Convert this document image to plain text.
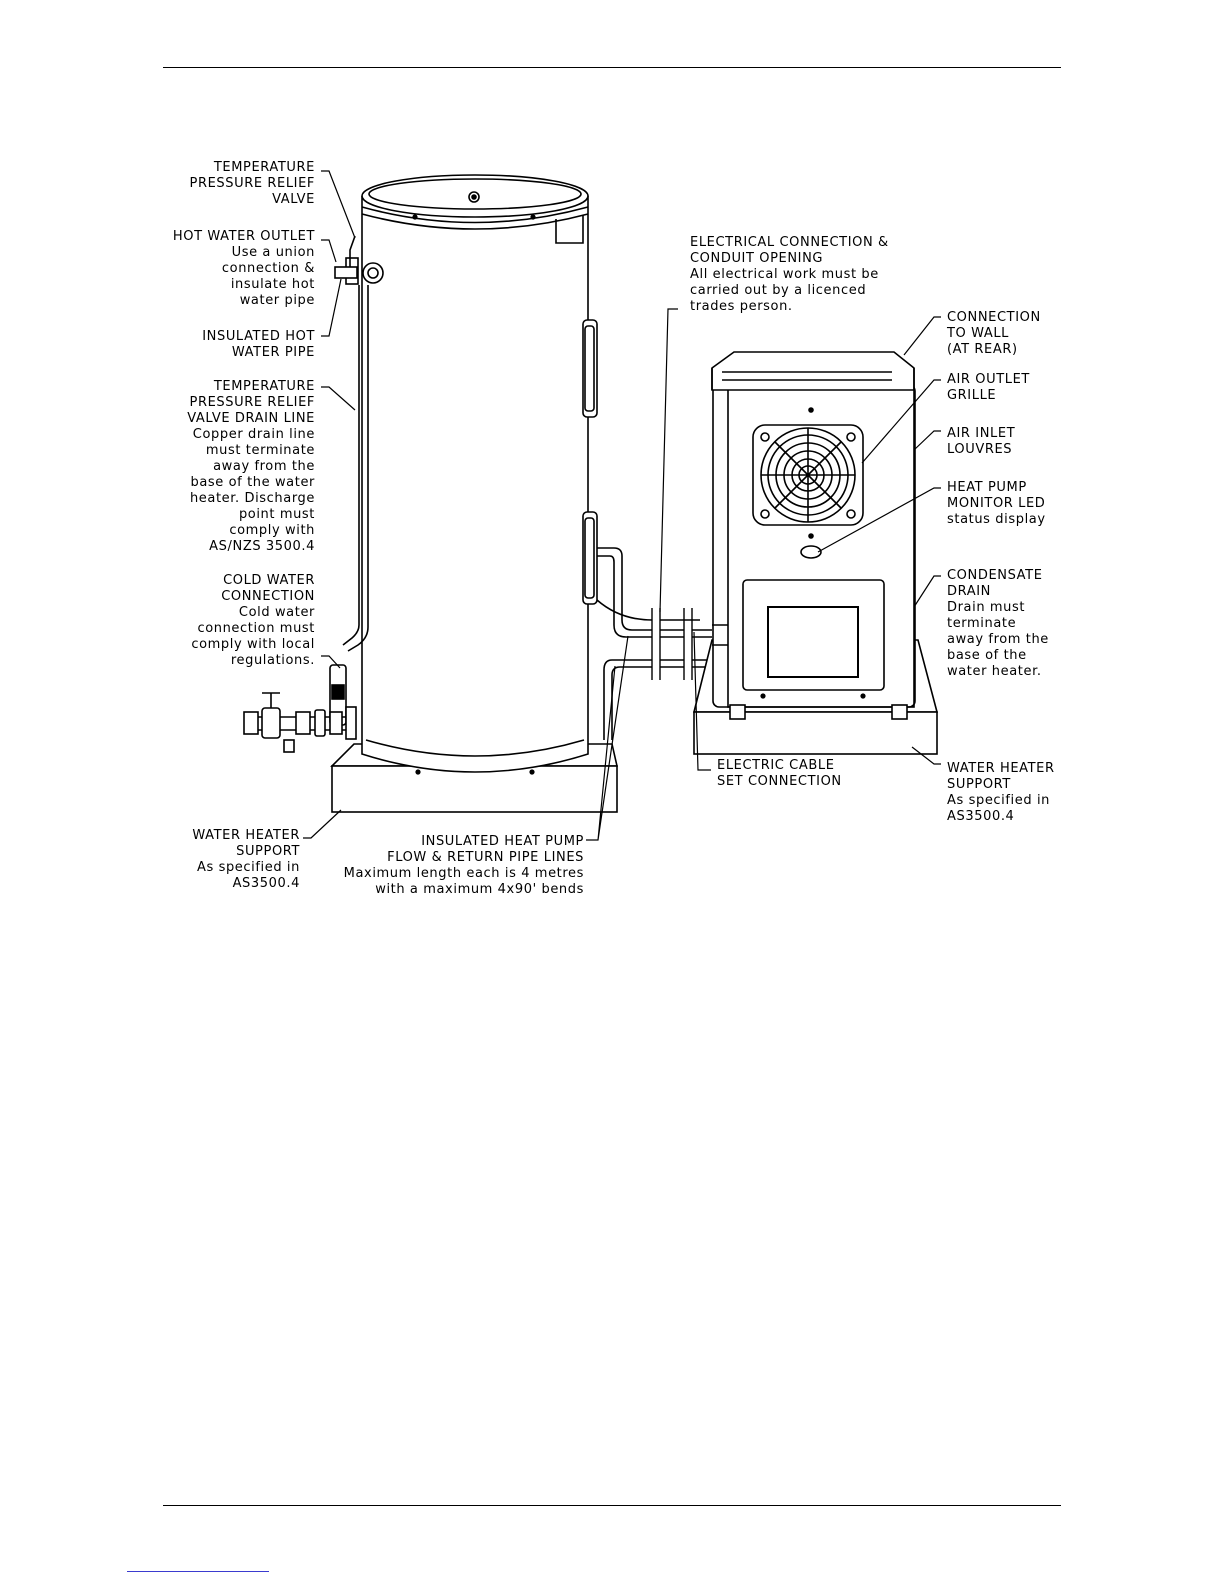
TEMPERATURE
PRESSURE RELIEF
VALVE
HOT WATER OUTLET
Use a union
connection &
insulate hot
water pipe
INSULATED HOT
WATER PIPE
TEMPERATURE
PRESSURE RELIEF
VALVE DRAIN LINE
Copper drain line
must terminate
away from the
base of the water
heater. Discharge
point must
comply with
AS/NZS 3500.4
COLD WATER
CONNECTION
Cold water
connection must
comply with local
regulations.
WATER HEATER
SUPPORT
As specified in
AS3500.4
INSULATED HEAT PUMP
FLOW & RETURN PIPE LINES
Maximum length each is 4 metres
with a maximum 4x90' bends
ELECTRICAL CONNECTION &
CONDUIT OPENING
All electrical work must be
carried out by a licenced
trades person.
CONNECTION
TO WALL
(AT REAR)
AIR OUTLET
GRILLE
AIR INLET
LOUVRES
HEAT PUMP
MONITOR LED
status display
CONDENSATE
DRAIN
Drain must
terminate
away from the
base of the
water heater.
ELECTRIC CABLE
SET CONNECTION
WATER HEATER
SUPPORT
As specified in
AS3500.4
